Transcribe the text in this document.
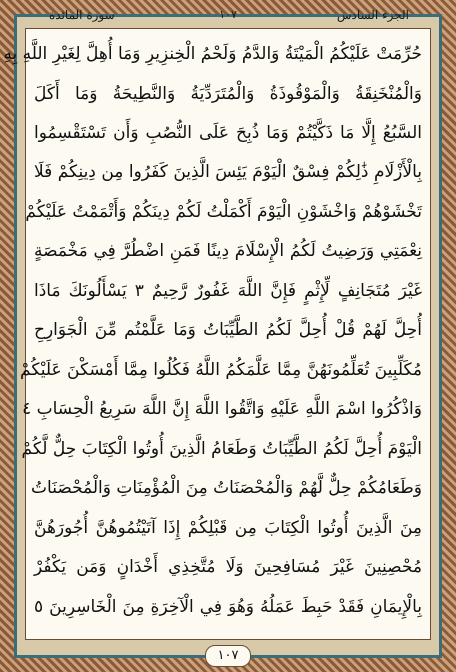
الجزء السادس
١٠٧
سورة المائدة
حُرِّمَتْ عَلَيْكُمُ الْمَيْتَةُ وَالدَّمُ وَلَحْمُ الْخِنزِيرِ وَمَا أُهِلَّ لِغَيْرِ اللَّهِ بِهِ
وَالْمُنْخَنِقَةُ وَالْمَوْقُوذَةُ وَالْمُتَرَدِّيَةُ وَالنَّطِيحَةُ وَمَا أَكَلَ
السَّبُعُ إِلَّا مَا ذَكَّيْتُمْ وَمَا ذُبِحَ عَلَى النُّصُبِ وَأَن تَسْتَقْسِمُوا
بِالْأَزْلَامِ ذَٰلِكُمْ فِسْقٌ الْيَوْمَ يَئِسَ الَّذِينَ كَفَرُوا مِن دِينِكُمْ فَلَا
تَخْشَوْهُمْ وَاخْشَوْنِ الْيَوْمَ أَكْمَلْتُ لَكُمْ دِينَكُمْ وَأَتْمَمْتُ عَلَيْكُمْ
نِعْمَتِي وَرَضِيتُ لَكُمُ الْإِسْلَامَ دِينًا فَمَنِ اضْطُرَّ فِي مَخْمَصَةٍ
غَيْرَ مُتَجَانِفٍ لِّإِثْمٍ فَإِنَّ اللَّهَ غَفُورٌ رَّحِيمٌ ٣ يَسْأَلُونَكَ مَاذَا
أُحِلَّ لَهُمْ قُلْ أُحِلَّ لَكُمُ الطَّيِّبَاتُ وَمَا عَلَّمْتُم مِّنَ الْجَوَارِحِ
مُكَلِّبِينَ تُعَلِّمُونَهُنَّ مِمَّا عَلَّمَكُمُ اللَّهُ فَكُلُوا مِمَّا أَمْسَكْنَ عَلَيْكُمْ
وَاذْكُرُوا اسْمَ اللَّهِ عَلَيْهِ وَاتَّقُوا اللَّهَ إِنَّ اللَّهَ سَرِيعُ الْحِسَابِ ٤
الْيَوْمَ أُحِلَّ لَكُمُ الطَّيِّبَاتُ وَطَعَامُ الَّذِينَ أُوتُوا الْكِتَابَ حِلٌّ لَّكُمْ
وَطَعَامُكُمْ حِلٌّ لَّهُمْ وَالْمُحْصَنَاتُ مِنَ الْمُؤْمِنَاتِ وَالْمُحْصَنَاتُ
مِنَ الَّذِينَ أُوتُوا الْكِتَابَ مِن قَبْلِكُمْ إِذَا آتَيْتُمُوهُنَّ أُجُورَهُنَّ
مُحْصِنِينَ غَيْرَ مُسَافِحِينَ وَلَا مُتَّخِذِي أَخْدَانٍ وَمَن يَكْفُرْ
بِالْإِيمَانِ فَقَدْ حَبِطَ عَمَلُهُ وَهُوَ فِي الْآخِرَةِ مِنَ الْخَاسِرِينَ ٥
١٠٧
